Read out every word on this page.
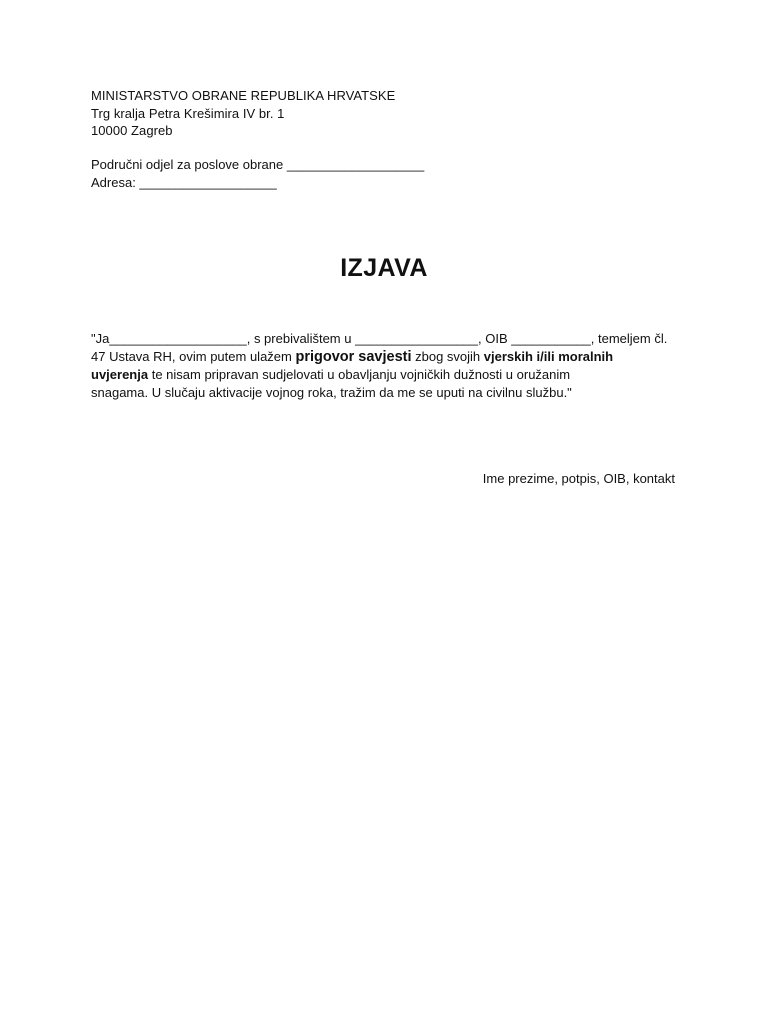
MINISTARSTVO OBRANE REPUBLIKA HRVATSKE
Trg kralja Petra Krešimira IV br. 1
10000 Zagreb
Područni odjel za poslove obrane ___________________
Adresa: ___________________
IZJAVA
"Ja___________________, s prebivalištem u _________________, OIB ___________, temeljem čl.
47 Ustava RH, ovim putem ulažem prigovor savjesti zbog svojih vjerskih i/ili moralnih
uvjerenja te nisam pripravan sudjelovati u obavljanju vojničkih dužnosti u oružanim
snagama. U slučaju aktivacije vojnog roka, tražim da me se uputi na civilnu službu."
Ime prezime, potpis, OIB, kontakt
